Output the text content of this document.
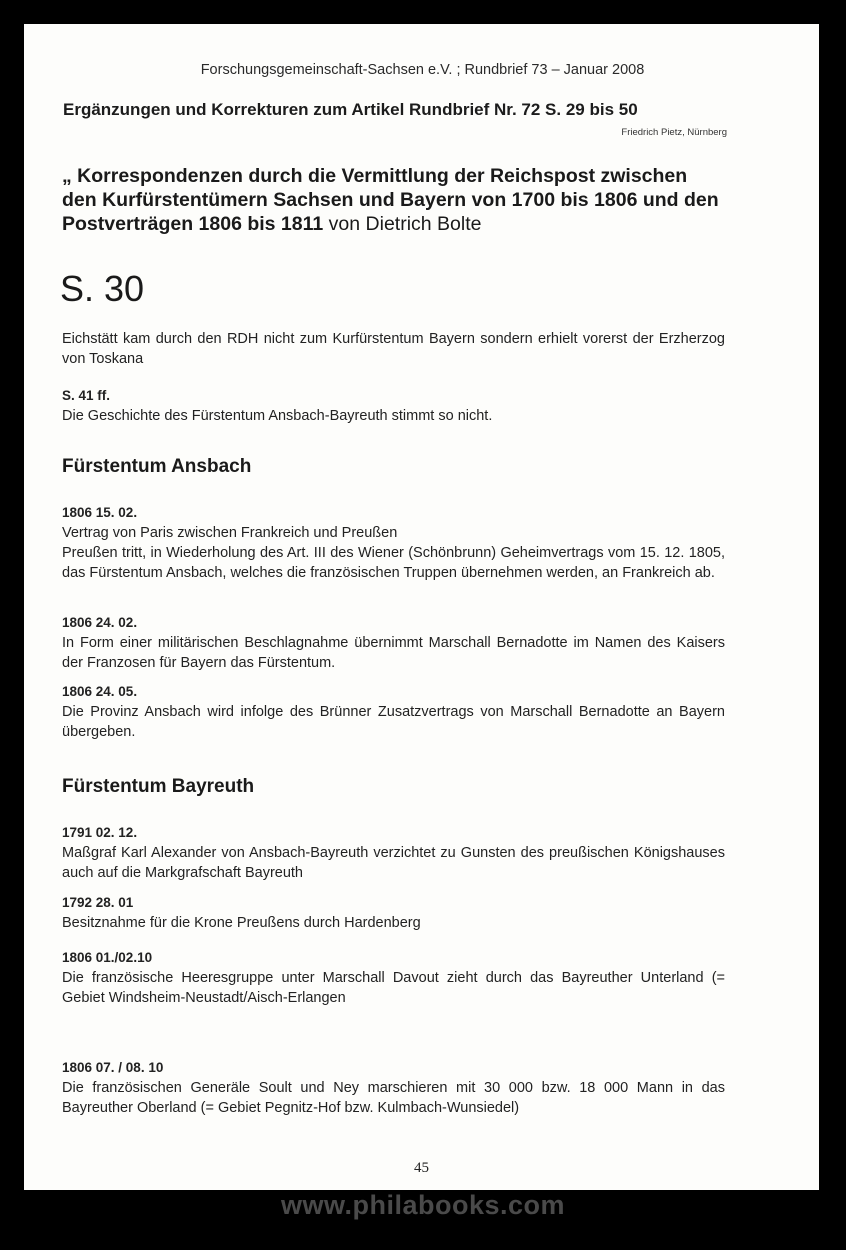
Forschungsgemeinschaft-Sachsen e.V. ; Rundbrief 73 – Januar 2008
Ergänzungen und Korrekturen zum Artikel Rundbrief Nr. 72 S. 29 bis 50
Friedrich Pietz, Nürnberg
„ Korrespondenzen durch die Vermittlung der Reichspost zwischen den Kurfürstentümern Sachsen und Bayern von 1700 bis 1806 und den Postverträgen 1806 bis 1811 von Dietrich Bolte
S. 30
Eichstätt kam durch den RDH nicht zum Kurfürstentum Bayern sondern erhielt vorerst der Erzherzog von Toskana
S. 41 ff.
Die Geschichte des Fürstentum Ansbach-Bayreuth stimmt so nicht.
Fürstentum Ansbach
1806 15. 02.
Vertrag von Paris zwischen Frankreich und Preußen
Preußen tritt, in Wiederholung des Art. III des Wiener (Schönbrunn) Geheimvertrags vom 15. 12. 1805, das Fürstentum Ansbach, welches die französischen Truppen übernehmen werden, an Frankreich ab.
1806 24. 02.
In Form einer militärischen Beschlagnahme übernimmt Marschall Bernadotte im Namen des Kaisers der Franzosen für Bayern das Fürstentum.
1806 24. 05.
Die Provinz Ansbach wird infolge des Brünner Zusatzvertrags von Marschall Bernadotte an Bayern übergeben.
Fürstentum Bayreuth
1791 02. 12.
Maßgraf Karl Alexander von Ansbach-Bayreuth verzichtet zu Gunsten des preußischen Königshauses auch auf die Markgrafschaft Bayreuth
1792 28. 01
Besitznahme für die Krone Preußens durch Hardenberg
1806 01./02.10
Die französische Heeresgruppe unter Marschall Davout zieht durch das Bayreuther Unterland (= Gebiet Windsheim-Neustadt/Aisch-Erlangen
1806 07. / 08. 10
Die französischen Generäle Soult und Ney marschieren mit 30 000 bzw. 18 000 Mann in das Bayreuther Oberland (= Gebiet Pegnitz-Hof bzw. Kulmbach-Wunsiedel)
45
www.philabooks.com
